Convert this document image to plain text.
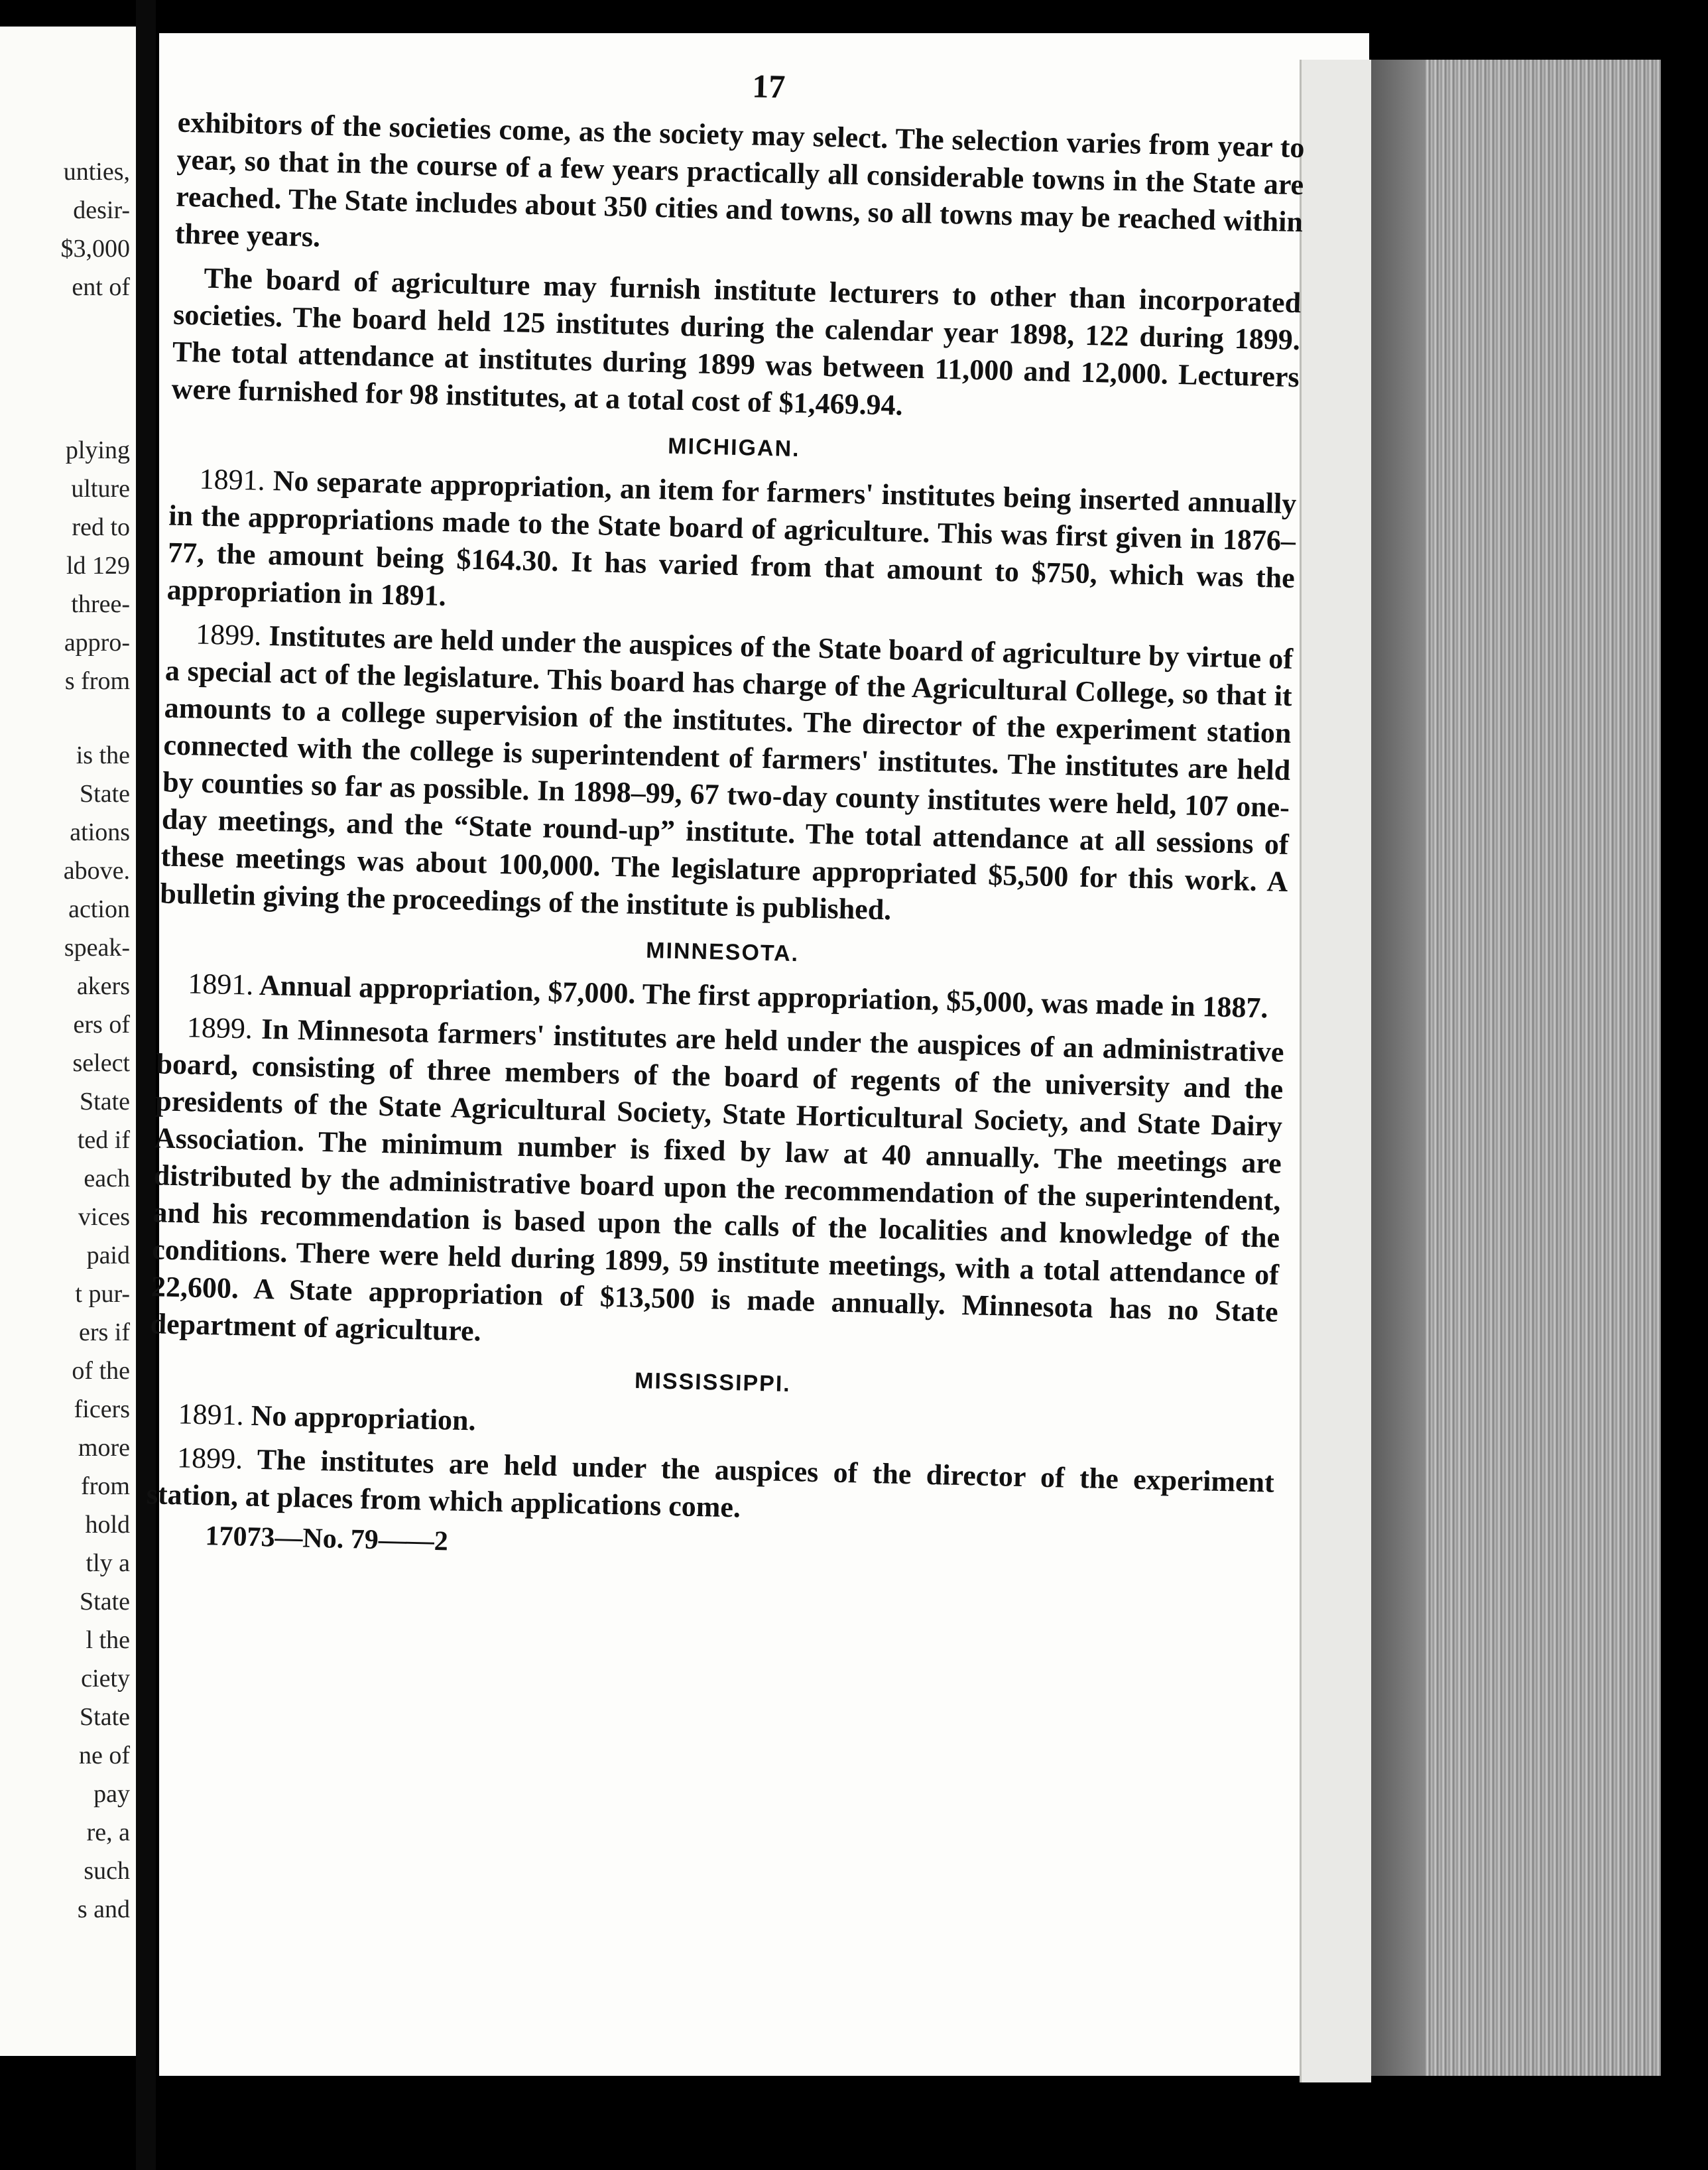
unties,
desir-
$3,000
ent of
plying
ulture
red to
ld 129
three-
appro-
s from
is the
State
ations
above.
action
speak-
akers
ers of
select
State
ted if
each
vices
paid
t pur-
ers if
of the
ficers
more
from
hold
tly a
State
l the
ciety
State
ne of
pay
re, a
such
s and
17

exhibitors of the societies come, as the society may select. The selection varies from year to year, so that in the course of a few years practically all considerable towns in the State are reached. The State includes about 350 cities and towns, so all towns may be reached within three years.

The board of agriculture may furnish institute lecturers to other than incorporated societies. The board held 125 institutes during the calendar year 1898, 122 during 1899. The total attendance at institutes during 1899 was between 11,000 and 12,000. Lecturers were furnished for 98 institutes, at a total cost of $1,469.94.

MICHIGAN.

1891. No separate appropriation, an item for farmers' institutes being inserted annually in the appropriations made to the State board of agriculture. This was first given in 1876–77, the amount being $164.30. It has varied from that amount to $750, which was the appropriation in 1891.

1899. Institutes are held under the auspices of the State board of agriculture by virtue of a special act of the legislature. This board has charge of the Agricultural College, so that it amounts to a college supervision of the institutes. The director of the experiment station connected with the college is superintendent of farmers' institutes. The institutes are held by counties so far as possible. In 1898–99, 67 two-day county institutes were held, 107 one-day meetings, and the “State round-up” institute. The total attendance at all sessions of these meetings was about 100,000. The legislature appropriated $5,500 for this work. A bulletin giving the proceedings of the institute is published.

MINNESOTA.

1891. Annual appropriation, $7,000. The first appropriation, $5,000, was made in 1887.

1899. In Minnesota farmers' institutes are held under the auspices of an administrative board, consisting of three members of the board of regents of the university and the presidents of the State Agricultural Society, State Horticultural Society, and State Dairy Association. The minimum number is fixed by law at 40 annually. The meetings are distributed by the administrative board upon the recommendation of the superintendent, and his recommendation is based upon the calls of the localities and knowledge of the conditions. There were held during 1899, 59 institute meetings, with a total attendance of 22,600. A State appropriation of $13,500 is made annually. Minnesota has no State department of agriculture.

MISSISSIPPI.

1891. No appropriation.

1899. The institutes are held under the auspices of the director of the experiment station, at places from which applications come.

17073—No. 79——2
